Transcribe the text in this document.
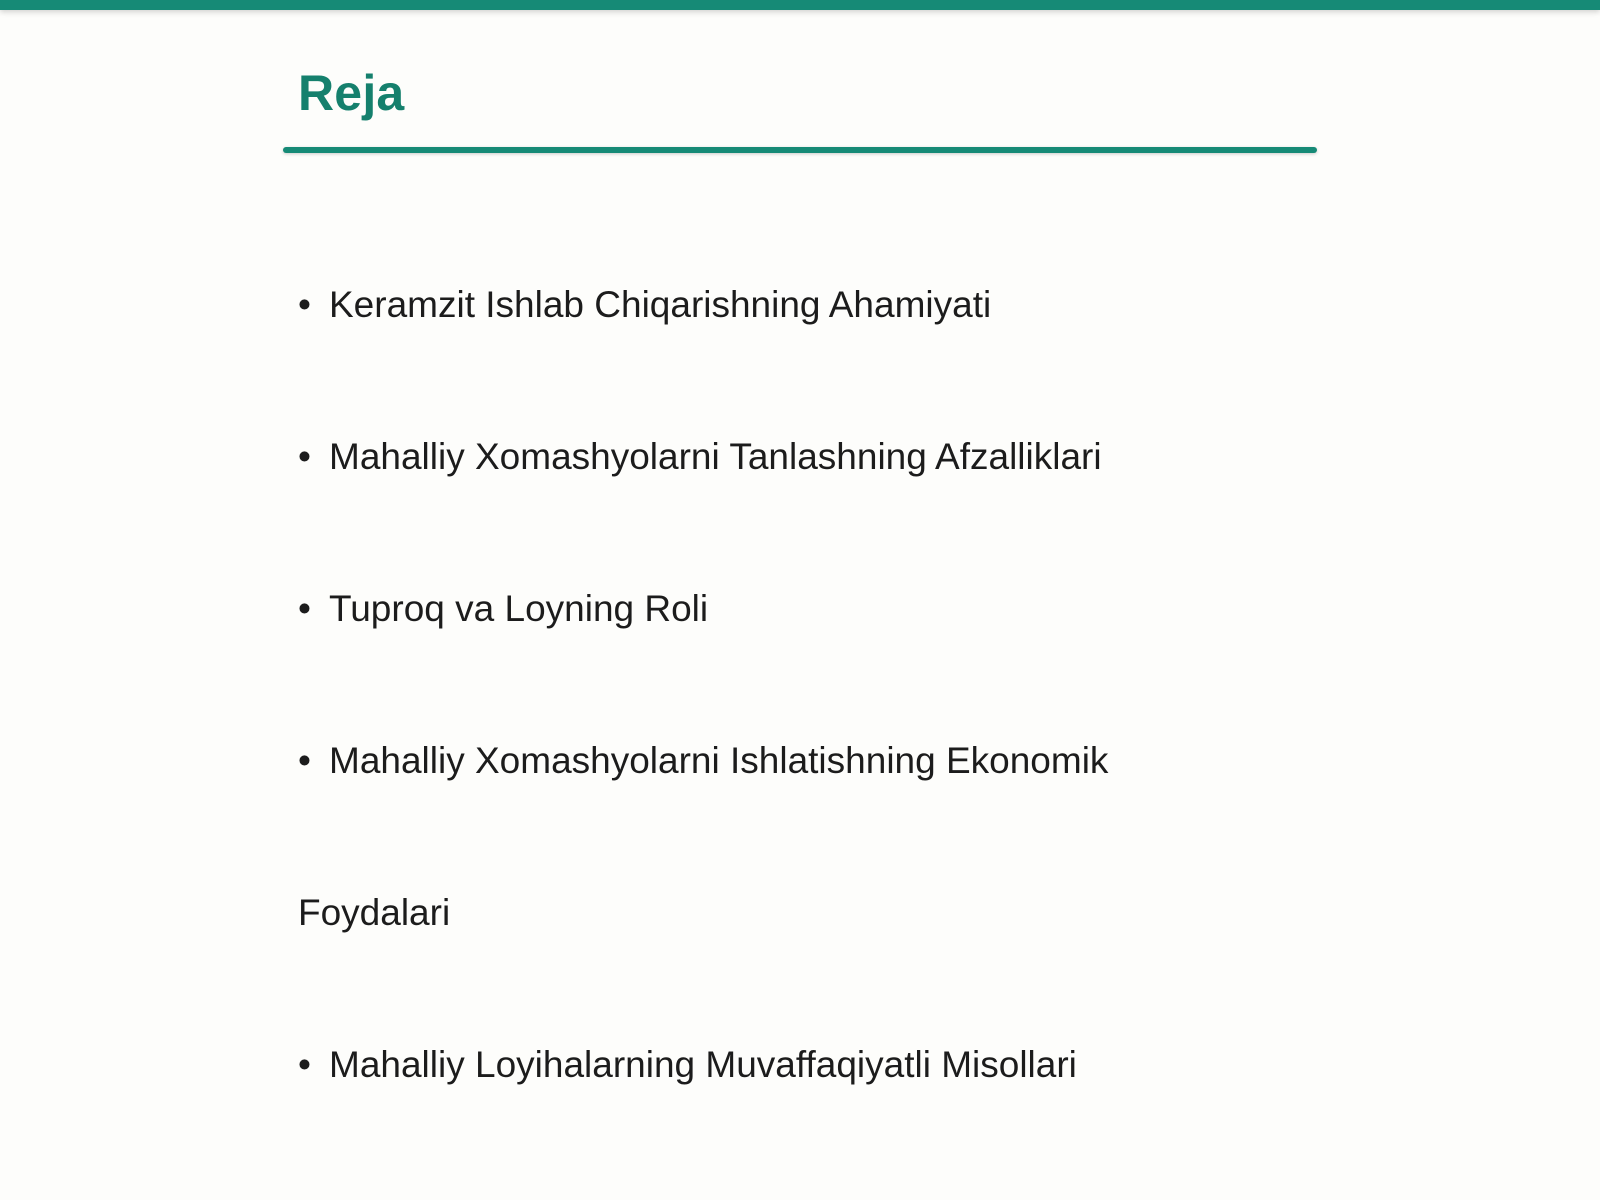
Reja
• Keramzit Ishlab Chiqarishning Ahamiyati
• Mahalliy Xomashyolarni Tanlashning Afzalliklari
• Tuproq va Loyning Roli
• Mahalliy Xomashyolarni Ishlatishning Ekonomik
Foydalari
• Mahalliy Loyihalarning Muvaffaqiyatli Misollari
